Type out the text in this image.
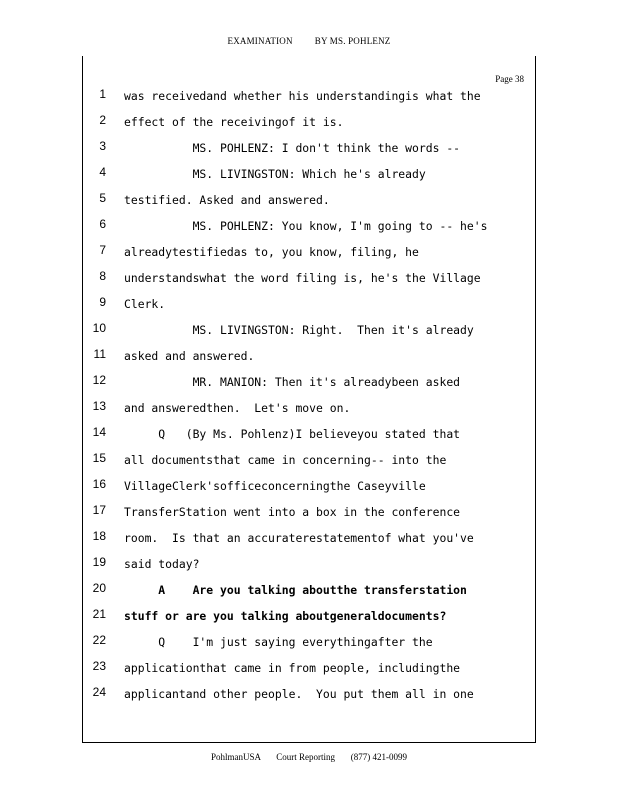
EXAMINATION BY MS. POHLENZ
Page 38
1 was receivedand whether his understandingis what the
2 effect of the receivingof it is.
3 MS. POHLENZ: I don't think the words --
4 MS. LIVINGSTON: Which he's already
5 testified. Asked and answered.
6 MS. POHLENZ: You know, I'm going to -- he's
7 alreadytestifiedas to, you know, filing, he
8 understandswhat the word filing is, he's the Village
9 Clerk.
10 MS. LIVINGSTON: Right.  Then it's already
11 asked and answered.
12 MR. MANION: Then it's alreadybeen asked
13 and answeredthen.  Let's move on.
14 Q   (By Ms. Pohlenz)I believeyou stated that
15 all documentsthat came in concerning-- into the
16 VillageClerk'sofficeconcerningthe Caseyville
17 TransferStation went into a box in the conference
18 room.  Is that an accuraterestatementof what you've
19 said today?
20 A    Are you talking aboutthe transferstation
21 stuff or are you talking aboutgeneraldocuments?
22 Q    I'm just saying everythingafter the
23 applicationthat came in from people, includingthe
24 applicantand other people.  You put them all in one
PohlmanUSA Court Reporting (877) 421-0099
